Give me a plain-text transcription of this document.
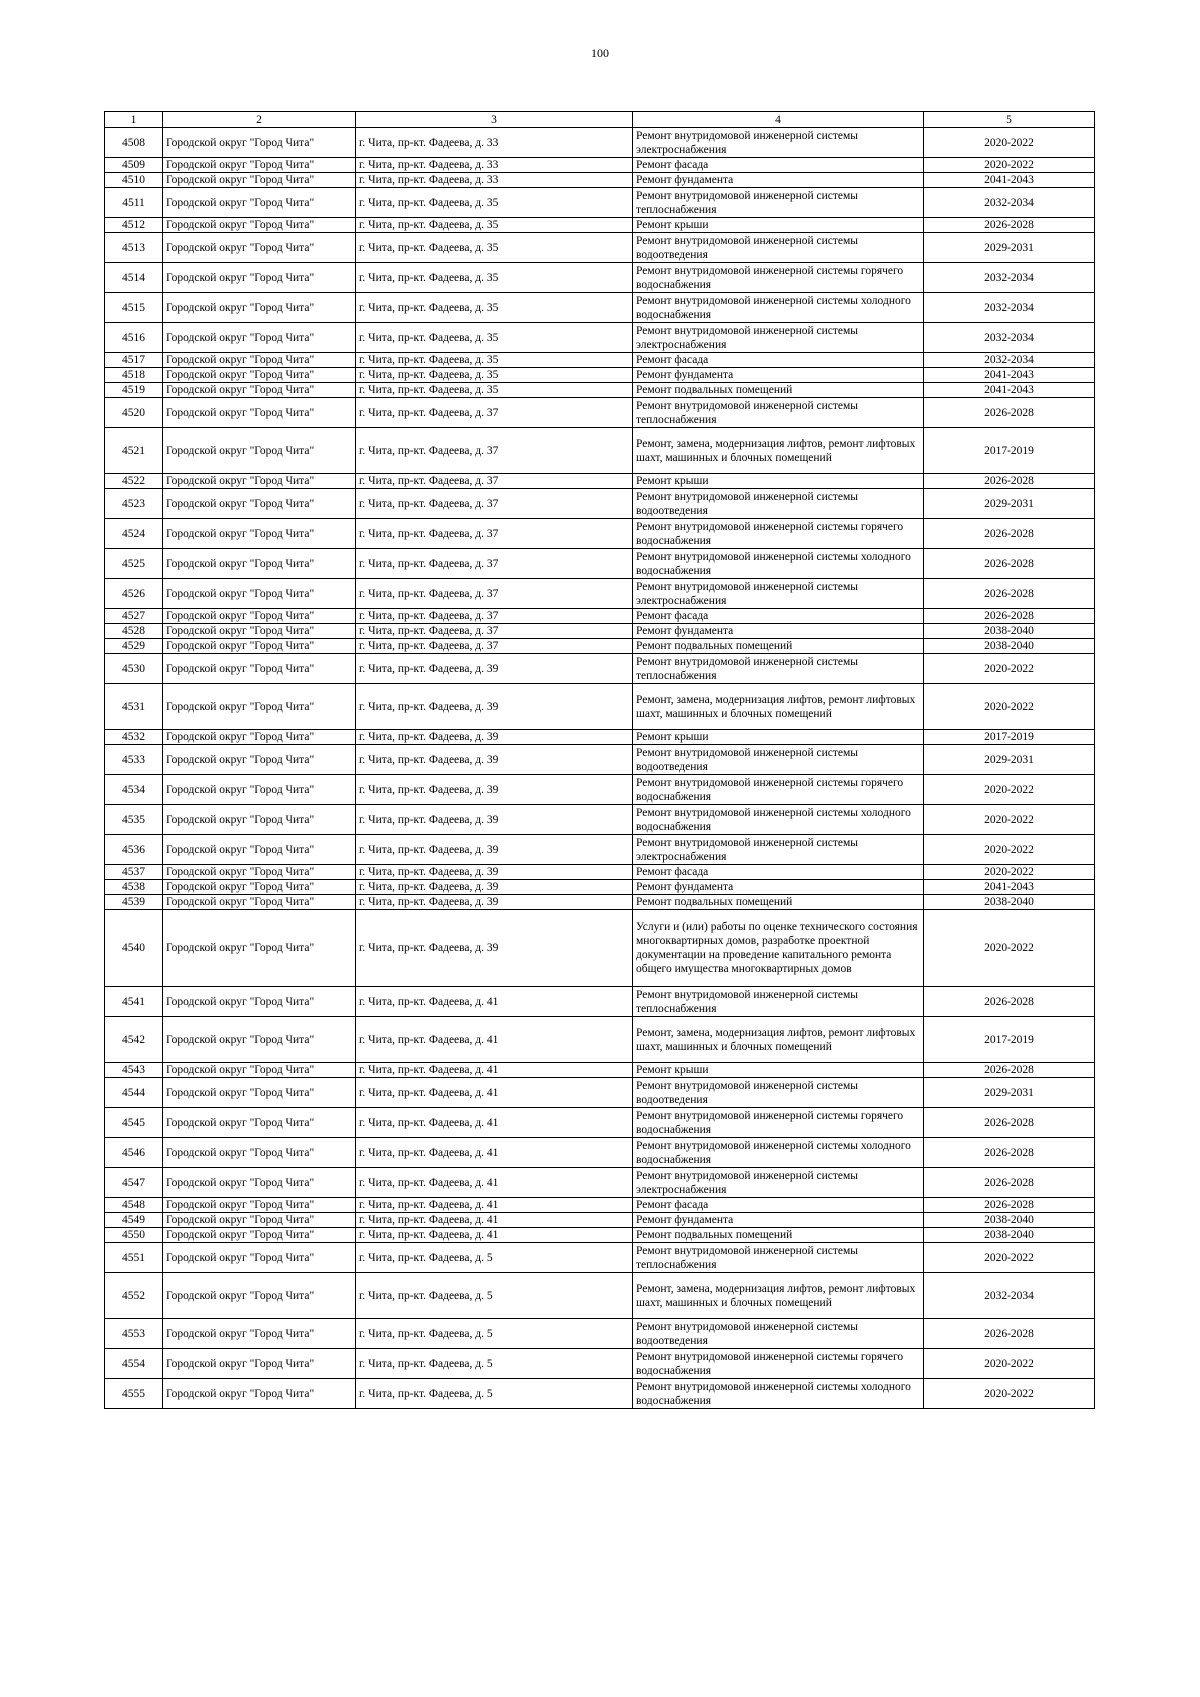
100
1	2	3	4	5
4508	Городской округ "Город Чита"	г. Чита, пр-кт. Фадеева, д. 33	Ремонт внутридомовой инженерной системы электроснабжения	2020-2022
4509	Городской округ "Город Чита"	г. Чита, пр-кт. Фадеева, д. 33	Ремонт фасада	2020-2022
4510	Городской округ "Город Чита"	г. Чита, пр-кт. Фадеева, д. 33	Ремонт фундамента	2041-2043
4511	Городской округ "Город Чита"	г. Чита, пр-кт. Фадеева, д. 35	Ремонт внутридомовой инженерной системы теплоснабжения	2032-2034
4512	Городской округ "Город Чита"	г. Чита, пр-кт. Фадеева, д. 35	Ремонт крыши	2026-2028
4513	Городской округ "Город Чита"	г. Чита, пр-кт. Фадеева, д. 35	Ремонт внутридомовой инженерной системы водоотведения	2029-2031
4514	Городской округ "Город Чита"	г. Чита, пр-кт. Фадеева, д. 35	Ремонт внутридомовой инженерной системы горячего водоснабжения	2032-2034
4515	Городской округ "Город Чита"	г. Чита, пр-кт. Фадеева, д. 35	Ремонт внутридомовой инженерной системы холодного водоснабжения	2032-2034
4516	Городской округ "Город Чита"	г. Чита, пр-кт. Фадеева, д. 35	Ремонт внутридомовой инженерной системы электроснабжения	2032-2034
4517	Городской округ "Город Чита"	г. Чита, пр-кт. Фадеева, д. 35	Ремонт фасада	2032-2034
4518	Городской округ "Город Чита"	г. Чита, пр-кт. Фадеева, д. 35	Ремонт фундамента	2041-2043
4519	Городской округ "Город Чита"	г. Чита, пр-кт. Фадеева, д. 35	Ремонт подвальных помещений	2041-2043
4520	Городской округ "Город Чита"	г. Чита, пр-кт. Фадеева, д. 37	Ремонт внутридомовой инженерной системы теплоснабжения	2026-2028
4521	Городской округ "Город Чита"	г. Чита, пр-кт. Фадеева, д. 37	Ремонт, замена, модернизация лифтов, ремонт лифтовых шахт, машинных и блочных помещений	2017-2019
4522	Городской округ "Город Чита"	г. Чита, пр-кт. Фадеева, д. 37	Ремонт крыши	2026-2028
4523	Городской округ "Город Чита"	г. Чита, пр-кт. Фадеева, д. 37	Ремонт внутридомовой инженерной системы водоотведения	2029-2031
4524	Городской округ "Город Чита"	г. Чита, пр-кт. Фадеева, д. 37	Ремонт внутридомовой инженерной системы горячего водоснабжения	2026-2028
4525	Городской округ "Город Чита"	г. Чита, пр-кт. Фадеева, д. 37	Ремонт внутридомовой инженерной системы холодного водоснабжения	2026-2028
4526	Городской округ "Город Чита"	г. Чита, пр-кт. Фадеева, д. 37	Ремонт внутридомовой инженерной системы электроснабжения	2026-2028
4527	Городской округ "Город Чита"	г. Чита, пр-кт. Фадеева, д. 37	Ремонт фасада	2026-2028
4528	Городской округ "Город Чита"	г. Чита, пр-кт. Фадеева, д. 37	Ремонт фундамента	2038-2040
4529	Городской округ "Город Чита"	г. Чита, пр-кт. Фадеева, д. 37	Ремонт подвальных помещений	2038-2040
4530	Городской округ "Город Чита"	г. Чита, пр-кт. Фадеева, д. 39	Ремонт внутридомовой инженерной системы теплоснабжения	2020-2022
4531	Городской округ "Город Чита"	г. Чита, пр-кт. Фадеева, д. 39	Ремонт, замена, модернизация лифтов, ремонт лифтовых шахт, машинных и блочных помещений	2020-2022
4532	Городской округ "Город Чита"	г. Чита, пр-кт. Фадеева, д. 39	Ремонт крыши	2017-2019
4533	Городской округ "Город Чита"	г. Чита, пр-кт. Фадеева, д. 39	Ремонт внутридомовой инженерной системы водоотведения	2029-2031
4534	Городской округ "Город Чита"	г. Чита, пр-кт. Фадеева, д. 39	Ремонт внутридомовой инженерной системы горячего водоснабжения	2020-2022
4535	Городской округ "Город Чита"	г. Чита, пр-кт. Фадеева, д. 39	Ремонт внутридомовой инженерной системы холодного водоснабжения	2020-2022
4536	Городской округ "Город Чита"	г. Чита, пр-кт. Фадеева, д. 39	Ремонт внутридомовой инженерной системы электроснабжения	2020-2022
4537	Городской округ "Город Чита"	г. Чита, пр-кт. Фадеева, д. 39	Ремонт фасада	2020-2022
4538	Городской округ "Город Чита"	г. Чита, пр-кт. Фадеева, д. 39	Ремонт фундамента	2041-2043
4539	Городской округ "Город Чита"	г. Чита, пр-кт. Фадеева, д. 39	Ремонт подвальных помещений	2038-2040
4540	Городской округ "Город Чита"	г. Чита, пр-кт. Фадеева, д. 39	Услуги и (или) работы по оценке технического состояния многоквартирных домов, разработке проектной документации на проведение капитального ремонта общего имущества многоквартирных домов	2020-2022
4541	Городской округ "Город Чита"	г. Чита, пр-кт. Фадеева, д. 41	Ремонт внутридомовой инженерной системы теплоснабжения	2026-2028
4542	Городской округ "Город Чита"	г. Чита, пр-кт. Фадеева, д. 41	Ремонт, замена, модернизация лифтов, ремонт лифтовых шахт, машинных и блочных помещений	2017-2019
4543	Городской округ "Город Чита"	г. Чита, пр-кт. Фадеева, д. 41	Ремонт крыши	2026-2028
4544	Городской округ "Город Чита"	г. Чита, пр-кт. Фадеева, д. 41	Ремонт внутридомовой инженерной системы водоотведения	2029-2031
4545	Городской округ "Город Чита"	г. Чита, пр-кт. Фадеева, д. 41	Ремонт внутридомовой инженерной системы горячего водоснабжения	2026-2028
4546	Городской округ "Город Чита"	г. Чита, пр-кт. Фадеева, д. 41	Ремонт внутридомовой инженерной системы холодного водоснабжения	2026-2028
4547	Городской округ "Город Чита"	г. Чита, пр-кт. Фадеева, д. 41	Ремонт внутридомовой инженерной системы электроснабжения	2026-2028
4548	Городской округ "Город Чита"	г. Чита, пр-кт. Фадеева, д. 41	Ремонт фасада	2026-2028
4549	Городской округ "Город Чита"	г. Чита, пр-кт. Фадеева, д. 41	Ремонт фундамента	2038-2040
4550	Городской округ "Город Чита"	г. Чита, пр-кт. Фадеева, д. 41	Ремонт подвальных помещений	2038-2040
4551	Городской округ "Город Чита"	г. Чита, пр-кт. Фадеева, д. 5	Ремонт внутридомовой инженерной системы теплоснабжения	2020-2022
4552	Городской округ "Город Чита"	г. Чита, пр-кт. Фадеева, д. 5	Ремонт, замена, модернизация лифтов, ремонт лифтовых шахт, машинных и блочных помещений	2032-2034
4553	Городской округ "Город Чита"	г. Чита, пр-кт. Фадеева, д. 5	Ремонт внутридомовой инженерной системы водоотведения	2026-2028
4554	Городской округ "Город Чита"	г. Чита, пр-кт. Фадеева, д. 5	Ремонт внутридомовой инженерной системы горячего водоснабжения	2020-2022
4555	Городской округ "Город Чита"	г. Чита, пр-кт. Фадеева, д. 5	Ремонт внутридомовой инженерной системы холодного водоснабжения	2020-2022
